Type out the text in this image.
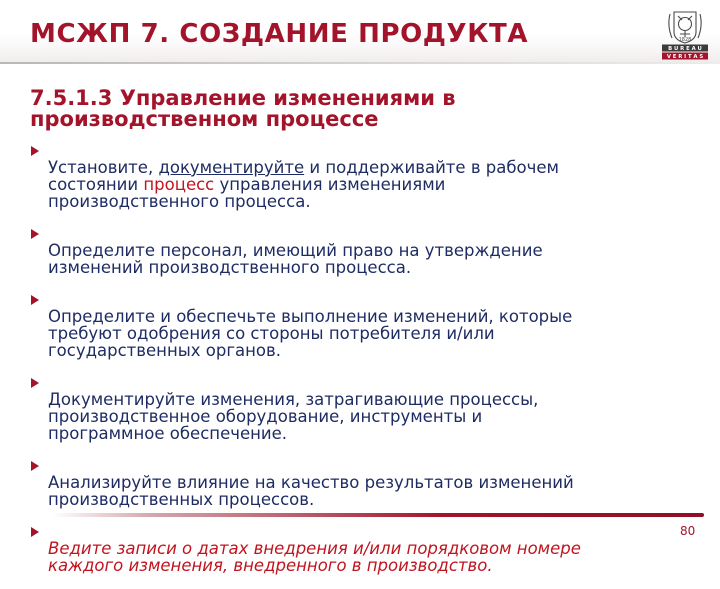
МСЖП 7. СОЗДАНИЕ ПРОДУКТА	1828
B U R E A U
V E R I T A S
7.5.1.3 Управление изменениями в
производственном процессе

Установите, документируйте и поддерживайте в рабочем
состоянии процесс управления изменениями
производственного процесса.

Определите персонал, имеющий право на утверждение
изменений производственного процесса.

Определите и обеспечьте выполнение изменений, которые
требуют одобрения со стороны потребителя и/или
государственных органов.

Документируйте изменения, затрагивающие процессы,
производственное оборудование, инструменты и
программное обеспечение.

Анализируйте влияние на качество результатов изменений
производственных процессов.

Ведите записи о датах внедрения и/или порядковом номере
каждого изменения, внедренного в производство.

80
